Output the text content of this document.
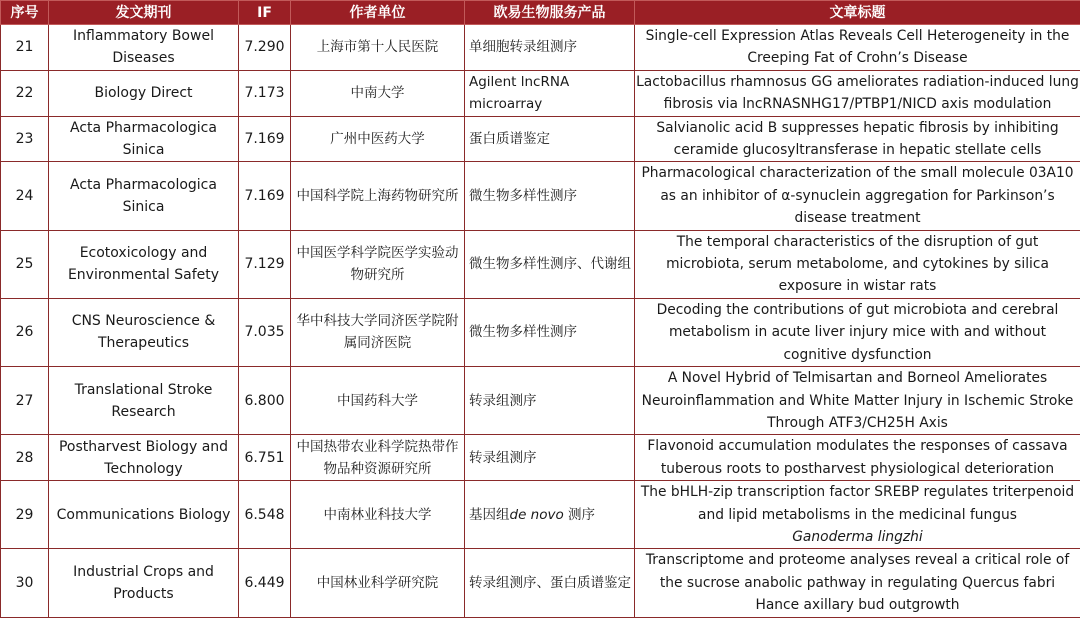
序号	发文期刊	IF	作者单位	欧易生物服务产品	文章标题
21	Inflammatory Bowel Diseases	7.290	上海市第十人民医院	单细胞转录组测序	Single-cell Expression Atlas Reveals Cell Heterogeneity in the Creeping Fat of Crohn’s Disease
22	Biology Direct	7.173	中南大学	Agilent lncRNA microarray	Lactobacillus rhamnosus GG ameliorates radiation-induced lung fibrosis via lncRNASNHG17/PTBP1/NICD axis modulation
23	Acta Pharmacologica Sinica	7.169	广州中医药大学	蛋白质谱鉴定	Salvianolic acid B suppresses hepatic fibrosis by inhibiting ceramide glucosyltransferase in hepatic stellate cells
24	Acta Pharmacologica Sinica	7.169	中国科学院上海药物研究所	微生物多样性测序	Pharmacological characterization of the small molecule 03A10 as an inhibitor of α-synuclein aggregation for Parkinson’s disease treatment
25	Ecotoxicology and Environmental Safety	7.129	中国医学科学院医学实验动物研究所	微生物多样性测序、代谢组	The temporal characteristics of the disruption of gut microbiota, serum metabolome, and cytokines by silica exposure in wistar rats
26	CNS Neuroscience & Therapeutics	7.035	华中科技大学同济医学院附属同济医院	微生物多样性测序	Decoding the contributions of gut microbiota and cerebral metabolism in acute liver injury mice with and without cognitive dysfunction
27	Translational Stroke Research	6.800	中国药科大学	转录组测序	A Novel Hybrid of Telmisartan and Borneol Ameliorates Neuroinflammation and White Matter Injury in Ischemic Stroke Through ATF3/CH25H Axis
28	Postharvest Biology and Technology	6.751	中国热带农业科学院热带作物品种资源研究所	转录组测序	Flavonoid accumulation modulates the responses of cassava tuberous roots to postharvest physiological deterioration
29	Communications Biology	6.548	中南林业科技大学	基因组de novo 测序	The bHLH-zip transcription factor SREBP regulates triterpenoid and lipid metabolisms in the medicinal fungus
Ganoderma lingzhi
30	Industrial Crops and Products	6.449	中国林业科学研究院	转录组测序、蛋白质谱鉴定	Transcriptome and proteome analyses reveal a critical role of the sucrose anabolic pathway in regulating Quercus fabri Hance axillary bud outgrowth
